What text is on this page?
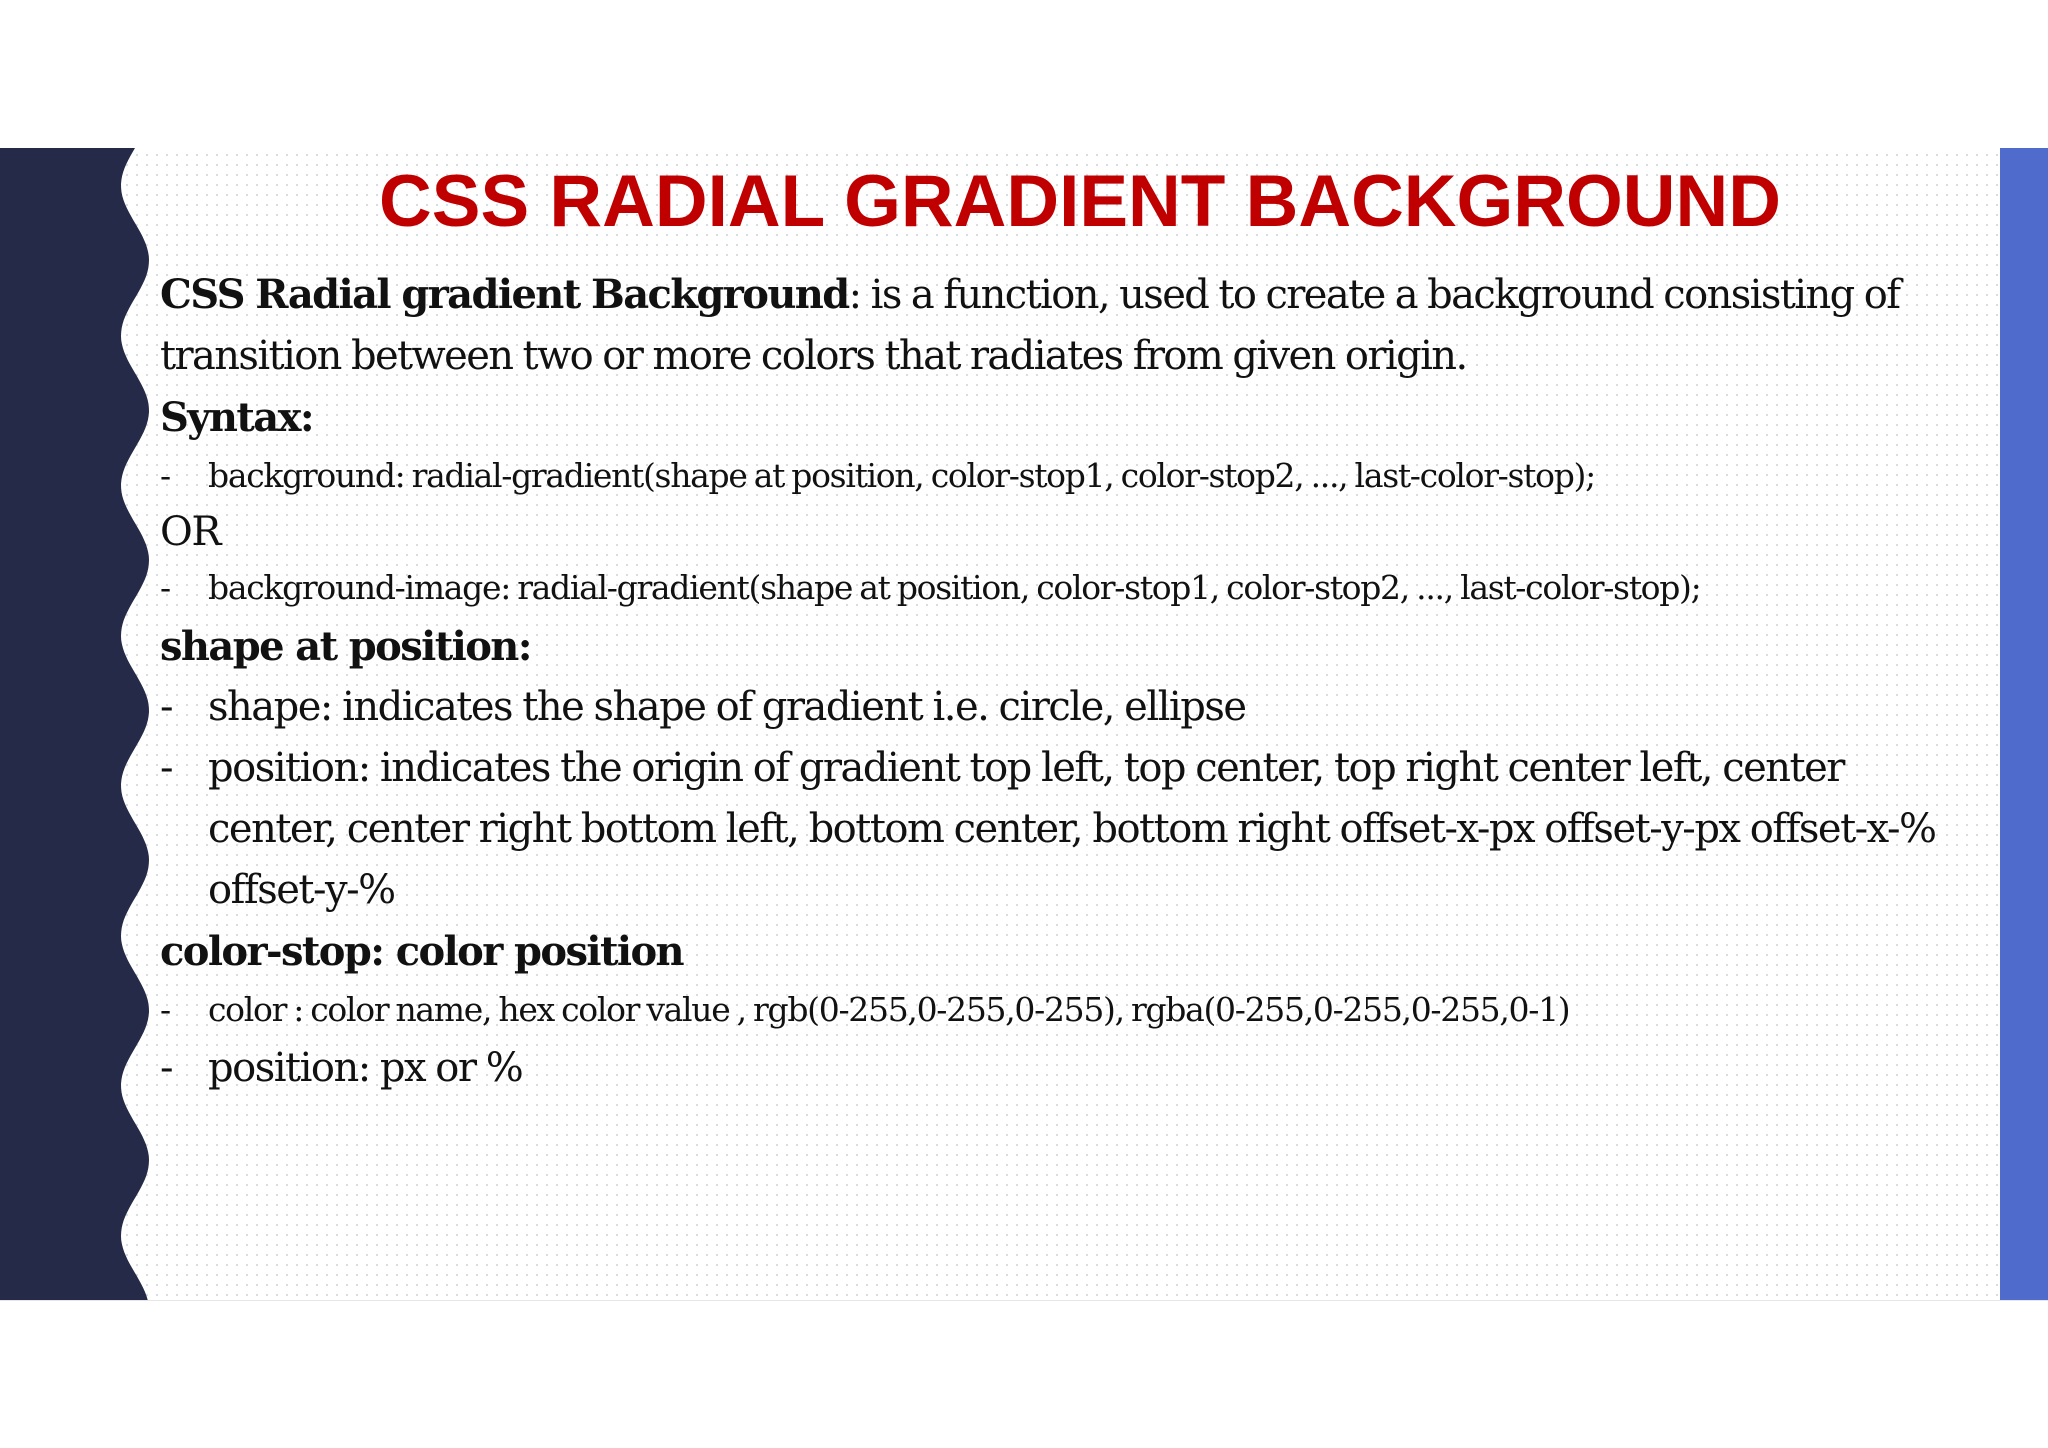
CSS RADIAL GRADIENT BACKGROUND

CSS Radial gradient Background: is a function, used to create a background consisting of transition between two or more colors that radiates from given origin.

Syntax:

-	background: radial-gradient(shape at position, color-stop1, color-stop2, ..., last-color-stop);

OR

-	background-image: radial-gradient(shape at position, color-stop1, color-stop2, ..., last-color-stop);

shape at position:

- shape: indicates the shape of gradient i.e. circle, ellipse
- position: indicates the origin of gradient top left, top center, top right center left, center center, center right bottom left, bottom center, bottom right offset-x-px offset-y-px offset-x-% offset-y-%

color-stop: color position

-	color : color name, hex color value , rgb(0-255,0-255,0-255), rgba(0-255,0-255,0-255,0-1)
- position: px or %
